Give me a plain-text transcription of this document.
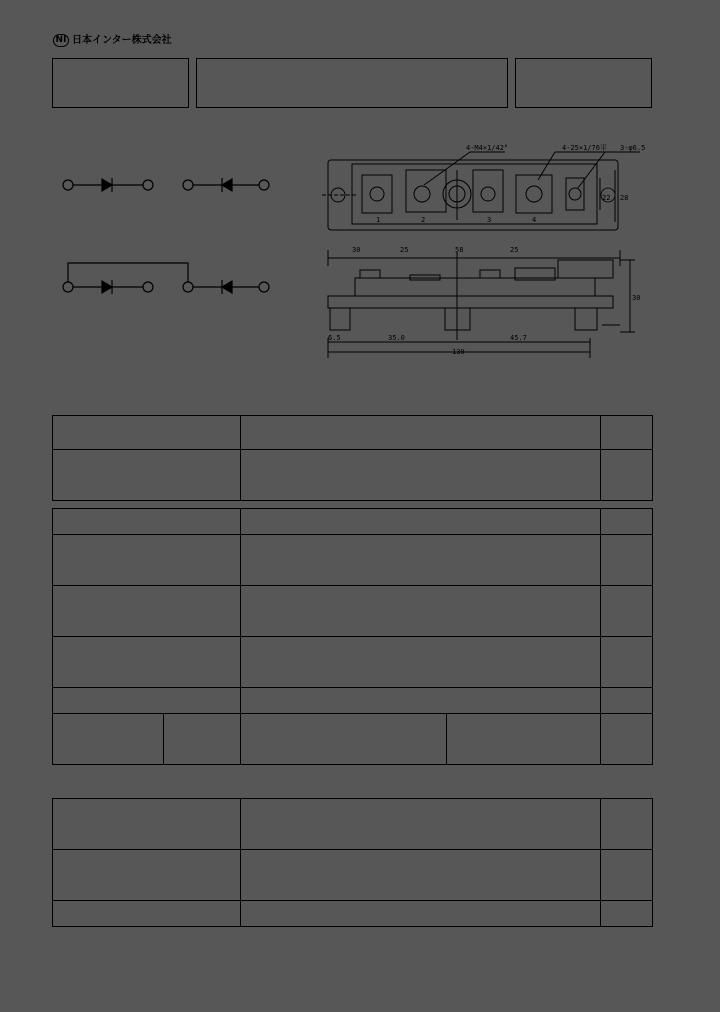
NI 日本インター株式会社
4-M4×1/42°	4-25×1/76平 3-φ6.5
1	2	3	4
22 28
30	25	58	25
30
6.5	35.0	45.7
130
